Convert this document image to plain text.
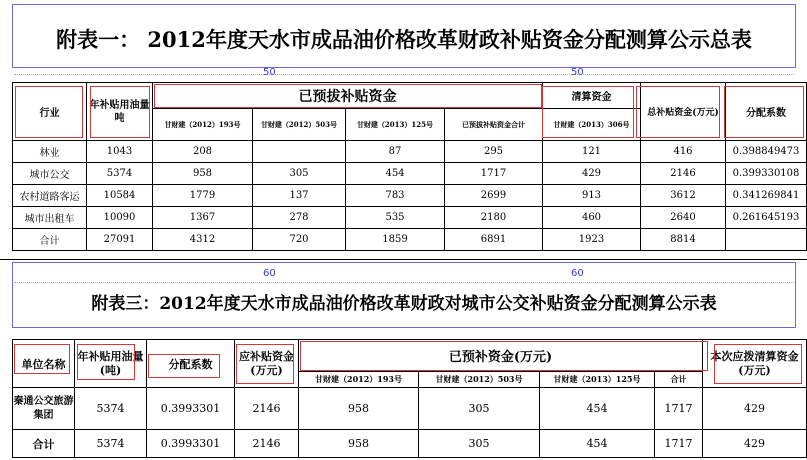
附表一： 2012年度天水市成品油价格改革财政补贴资金分配测算公示总表
50	50
行业	年补贴用油量吨	已预拔补贴资金				清算资金	总补贴资金(万元)	分配系数
		甘财建（2012）193号	甘财建（2012）503号	甘财建（2013）125号	已预拔补贴资金合计	甘财建（2013）306号		
林业	1043	208		87	295	121	416	0.398849473
城市公交	5374	958	305	454	1717	429	2146	0.399330108
农村道路客运	10584	1779	137	783	2699	913	3612	0.341269841
城市出租车	10090	1367	278	535	2180	460	2640	0.261645193
合计	27091	4312	720	1859	6891	1923	8814	
60	60
附表三：2012年度天水市成品油价格改革财政对城市公交补贴资金分配测算公示表
单位名称	年补贴用油量(吨)	分配系数	应补贴资金(万元)	已预补资金(万元)				本次应拨清算资金(万元)
				甘财建（2012）193号	甘财建（2012）503号	甘财建（2013）125号	合计	
秦通公交旅游集团	5374	0.3993301	2146	958	305	454	1717	429
合计	5374	0.3993301	2146	958	305	454	1717	429
